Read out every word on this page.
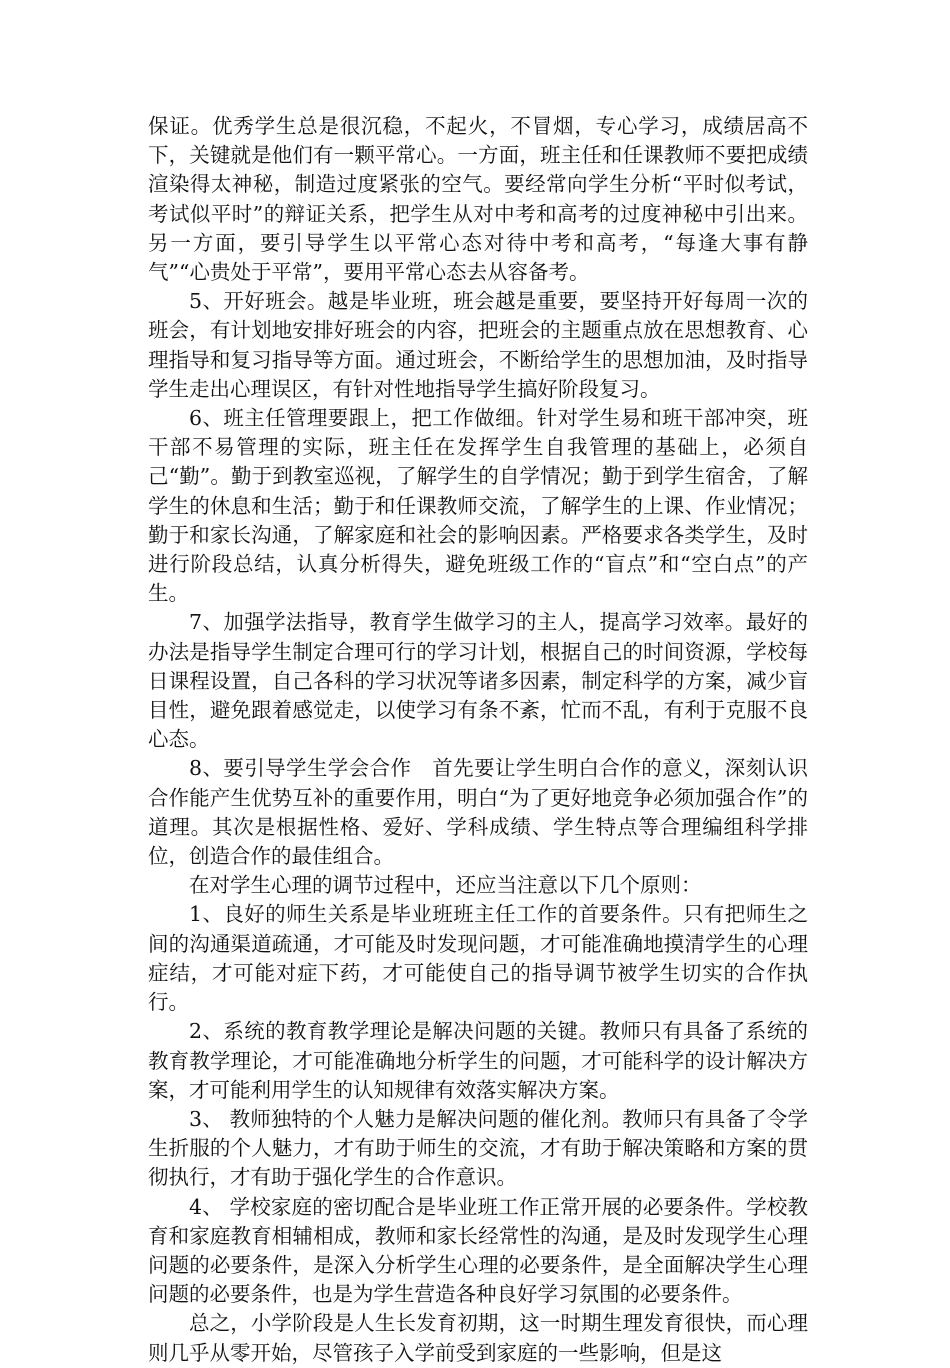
保证。优秀学生总是很沉稳，不起火，不冒烟，专心学习，成绩居高不下，关键就是他们有一颗平常心。一方面，班主任和任课教师不要把成绩渲染得太神秘，制造过度紧张的空气。要经常向学生分析“平时似考试，考试似平时”的辩证关系，把学生从对中考和高考的过度神秘中引出来。另一方面，要引导学生以平常心态对待中考和高考，“每逢大事有静气”“心贵处于平常”，要用平常心态去从容备考。

5、开好班会。越是毕业班，班会越是重要，要坚持开好每周一次的班会，有计划地安排好班会的内容，把班会的主题重点放在思想教育、心理指导和复习指导等方面。通过班会，不断给学生的思想加油，及时指导学生走出心理误区，有针对性地指导学生搞好阶段复习。

6、班主任管理要跟上，把工作做细。针对学生易和班干部冲突，班干部不易管理的实际，班主任在发挥学生自我管理的基础上，必须自己“勤”。勤于到教室巡视，了解学生的自学情况；勤于到学生宿舍，了解学生的休息和生活；勤于和任课教师交流，了解学生的上课、作业情况；勤于和家长沟通，了解家庭和社会的影响因素。严格要求各类学生，及时进行阶段总结，认真分析得失，避免班级工作的“盲点”和“空白点”的产生。

7、加强学法指导，教育学生做学习的主人，提高学习效率。最好的办法是指导学生制定合理可行的学习计划，根据自己的时间资源，学校每日课程设置，自己各科的学习状况等诸多因素，制定科学的方案，减少盲目性，避免跟着感觉走，以使学习有条不紊，忙而不乱，有利于克服不良心态。

8、要引导学生学会合作　首先要让学生明白合作的意义，深刻认识合作能产生优势互补的重要作用，明白“为了更好地竞争必须加强合作”的道理。其次是根据性格、爱好、学科成绩、学生特点等合理编组科学排位，创造合作的最佳组合。

在对学生心理的调节过程中，还应当注意以下几个原则：

1、良好的师生关系是毕业班班主任工作的首要条件。只有把师生之间的沟通渠道疏通，才可能及时发现问题，才可能准确地摸清学生的心理症结，才可能对症下药，才可能使自己的指导调节被学生切实的合作执行。

2、系统的教育教学理论是解决问题的关键。教师只有具备了系统的教育教学理论，才可能准确地分析学生的问题，才可能科学的设计解决方案，才可能利用学生的认知规律有效落实解决方案。

3、 教师独特的个人魅力是解决问题的催化剂。教师只有具备了令学生折服的个人魅力，才有助于师生的交流，才有助于解决策略和方案的贯彻执行，才有助于强化学生的合作意识。

4、 学校家庭的密切配合是毕业班工作正常开展的必要条件。学校教育和家庭教育相辅相成，教师和家长经常性的沟通，是及时发现学生心理问题的必要条件，是深入分析学生心理的必要条件，是全面解决学生心理问题的必要条件，也是为学生营造各种良好学习氛围的必要条件。

总之，小学阶段是人生长发育初期，这一时期生理发育很快，而心理则几乎从零开始，尽管孩子入学前受到家庭的一些影响，但是这
